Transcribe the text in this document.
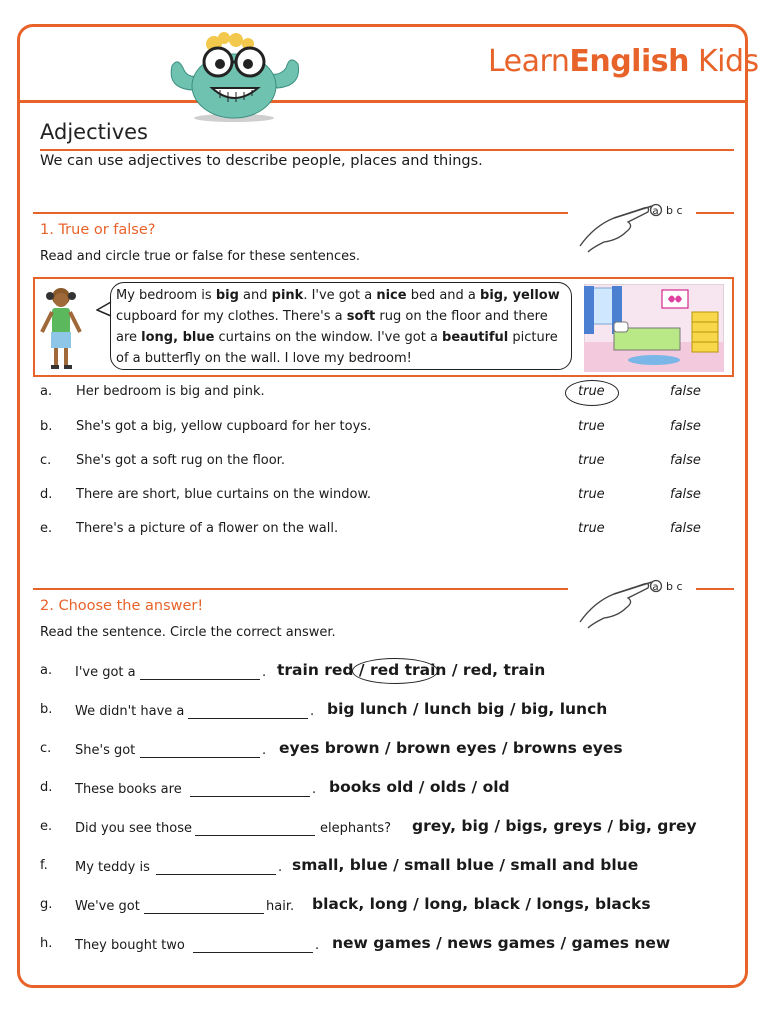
LearnEnglish Kids
Adjectives
We can use adjectives to describe people, places and things.
a b c
1. True or false?
Read and circle true or false for these sentences.
My bedroom is big and pink. I've got a nice bed and a big, yellow cupboard for my clothes. There's a soft rug on the floor and there are long, blue curtains on the window. I've got a beautiful picture of a butterfly on the wall. I love my bedroom!
a. Her bedroom is big and pink.	true	false
b. She's got a big, yellow cupboard for her toys.	true	false
c. She's got a soft rug on the floor.	true	false
d. There are short, blue curtains on the window.	true	false
e. There's a picture of a flower on the wall.	true	false
a b c
2. Choose the answer!
Read the sentence. Circle the correct answer.
a. I've got a	. train red / red train / red, train
b. We didn't have a	. big lunch / lunch big / big, lunch
c. She's got	. eyes brown / brown eyes / browns eyes
d. These books are	. books old / olds / old
e. Did you see those	elephants? grey, big / bigs, greys / big, grey
f. My teddy is	. small, blue / small blue / small and blue
g. We've got	hair. black, long / long, black / longs, blacks
h. They bought two	. new games / news games / games new
